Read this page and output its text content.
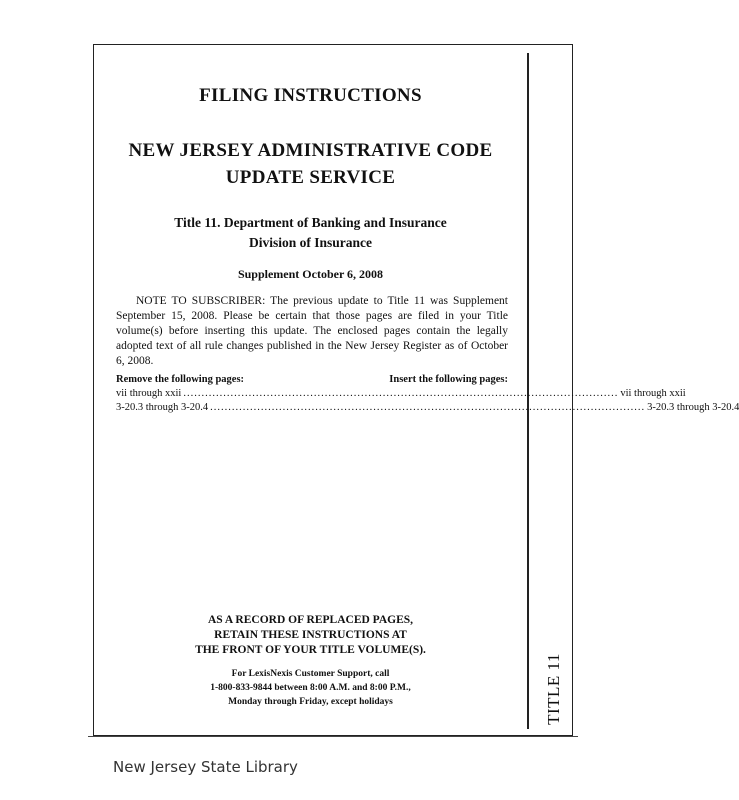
TITLE 11
FILING INSTRUCTIONS
NEW JERSEY ADMINISTRATIVE CODE
UPDATE SERVICE
Title 11. Department of Banking and Insurance
Division of Insurance
Supplement October 6, 2008
NOTE TO SUBSCRIBER: The previous update to Title 11 was Supplement September 15, 2008. Please be certain that those pages are filed in your Title volume(s) before inserting this update. The enclosed pages contain the legally adopted text of all rule changes published in the New Jersey Register as of October 6, 2008.
Remove the following pages:	Insert the following pages:
vii through xxii ........................................................................................................................ vii through xxii
3-20.3 through 3-20.4 ........................................................................................................................ 3-20.3 through 3-20.4
AS A RECORD OF REPLACED PAGES,
RETAIN THESE INSTRUCTIONS AT
THE FRONT OF YOUR TITLE VOLUME(S).
For LexisNexis Customer Support, call
1-800-833-9844 between 8:00 A.M. and 8:00 P.M.,
Monday through Friday, except holidays
New Jersey State Library
